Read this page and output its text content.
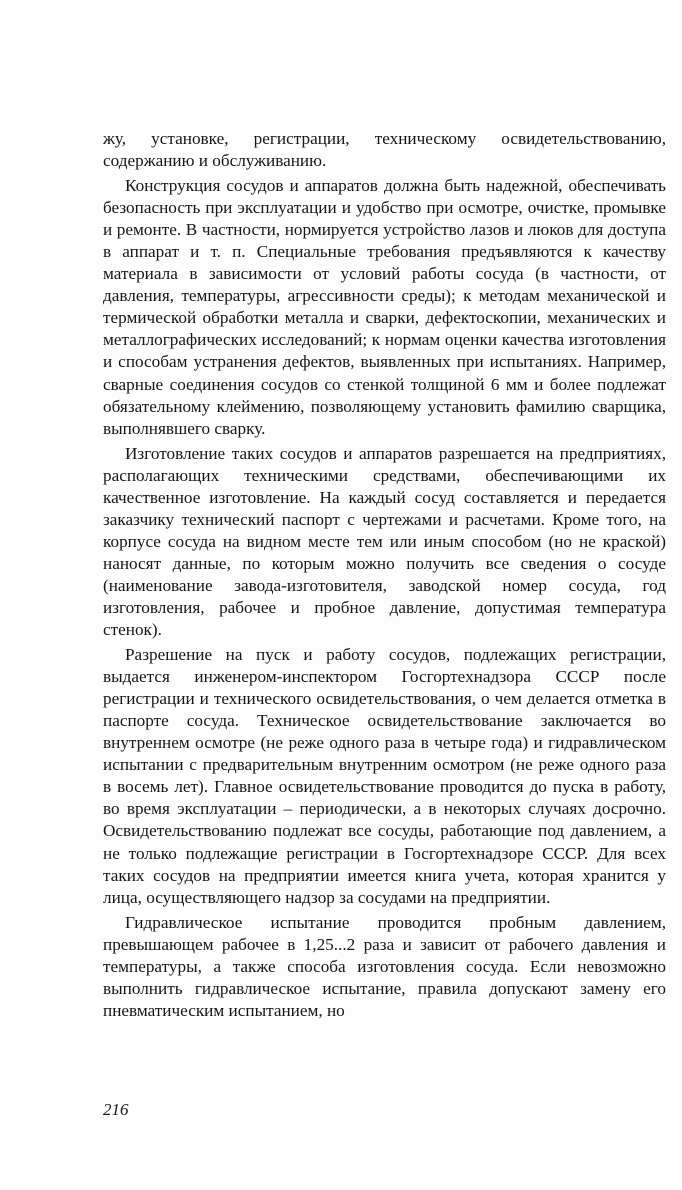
жу, установке, регистрации, техническому освидетельствованию, содержанию и обслуживанию.

Конструкция сосудов и аппаратов должна быть надежной, обеспечивать безопасность при эксплуатации и удобство при осмотре, очистке, промывке и ремонте. В частности, нормируется устройство лазов и люков для доступа в аппарат и т. п. Специальные требования предъявляются к качеству материала в зависимости от условий работы сосуда (в частности, от давления, температуры, агрессивности среды); к методам механической и термической обработки металла и сварки, дефектоскопии, механических и металлографических исследований; к нормам оценки качества изготовления и способам устранения дефектов, выявленных при испытаниях. Например, сварные соединения сосудов со стенкой толщиной 6 мм и более подлежат обязательному клеймению, позволяющему установить фамилию сварщика, выполнявшего сварку.

Изготовление таких сосудов и аппаратов разрешается на предприятиях, располагающих техническими средствами, обеспечивающими их качественное изготовление. На каждый сосуд составляется и передается заказчику технический паспорт с чертежами и расчетами. Кроме того, на корпусе сосуда на видном месте тем или иным способом (но не краской) наносят данные, по которым можно получить все сведения о сосуде (наименование завода-изготовителя, заводской номер сосуда, год изготовления, рабочее и пробное давление, допустимая температура стенок).

Разрешение на пуск и работу сосудов, подлежащих регистрации, выдается инженером-инспектором Госгортехнадзора СССР после регистрации и технического освидетельствования, о чем делается отметка в паспорте сосуда. Техническое освидетельствование заключается во внутреннем осмотре (не реже одного раза в четыре года) и гидравлическом испытании с предварительным внутренним осмотром (не реже одного раза в восемь лет). Главное освидетельствование проводится до пуска в работу, во время эксплуатации – периодически, а в некоторых случаях досрочно. Освидетельствованию подлежат все сосуды, работающие под давлением, а не только подлежащие регистрации в Госгортехнадзоре СССР. Для всех таких сосудов на предприятии имеется книга учета, которая хранится у лица, осуществляющего надзор за сосудами на предприятии.

Гидравлическое испытание проводится пробным давлением, превышающем рабочее в 1,25...2 раза и зависит от рабочего давления и температуры, а также способа изготовления сосуда. Если невозможно выполнить гидравлическое испытание, правила допускают замену его пневматическим испытанием, но

216
